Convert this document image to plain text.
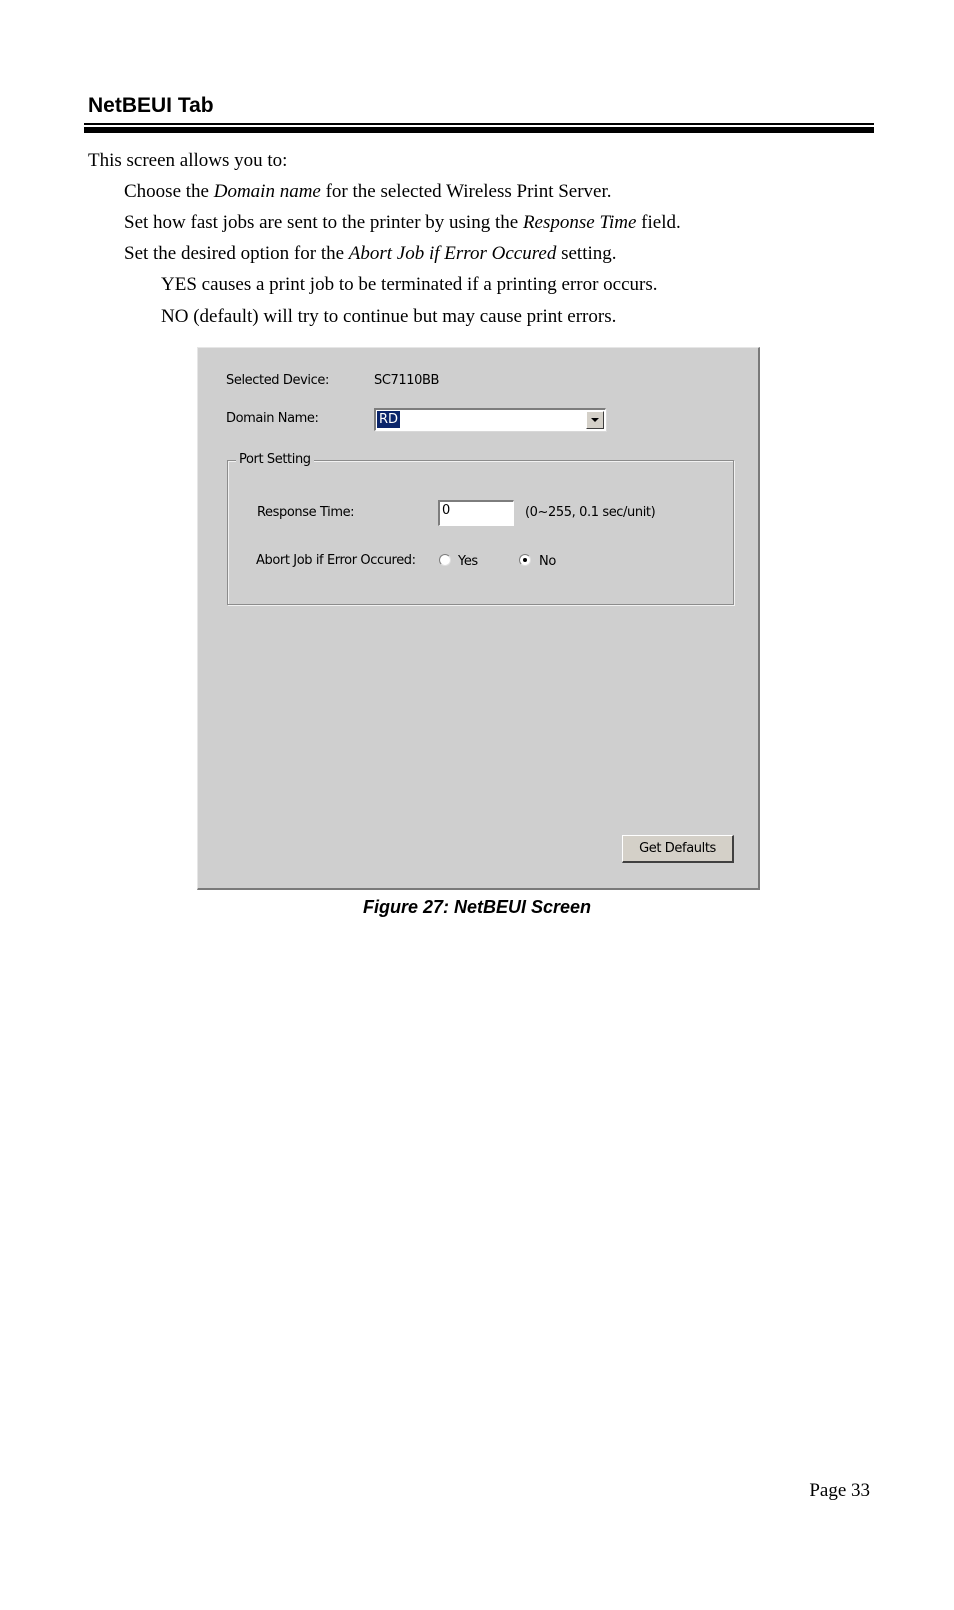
NetBEUI Tab
This screen allows you to:
Choose the Domain name for the selected Wireless Print Server.
Set how fast jobs are sent to the printer by using the Response Time field.
Set the desired option for the Abort Job if Error Occured setting.
YES causes a print job to be terminated if a printing error occurs.
NO (default) will try to continue but may cause print errors.
Selected Device:	SC7110BB
Domain Name:	RD
Port Setting
Response Time:	0	(0~255, 0.1 sec/unit)
Abort Job if Error Occured:	Yes	No
Get Defaults
Figure 27: NetBEUI Screen
Page 33
